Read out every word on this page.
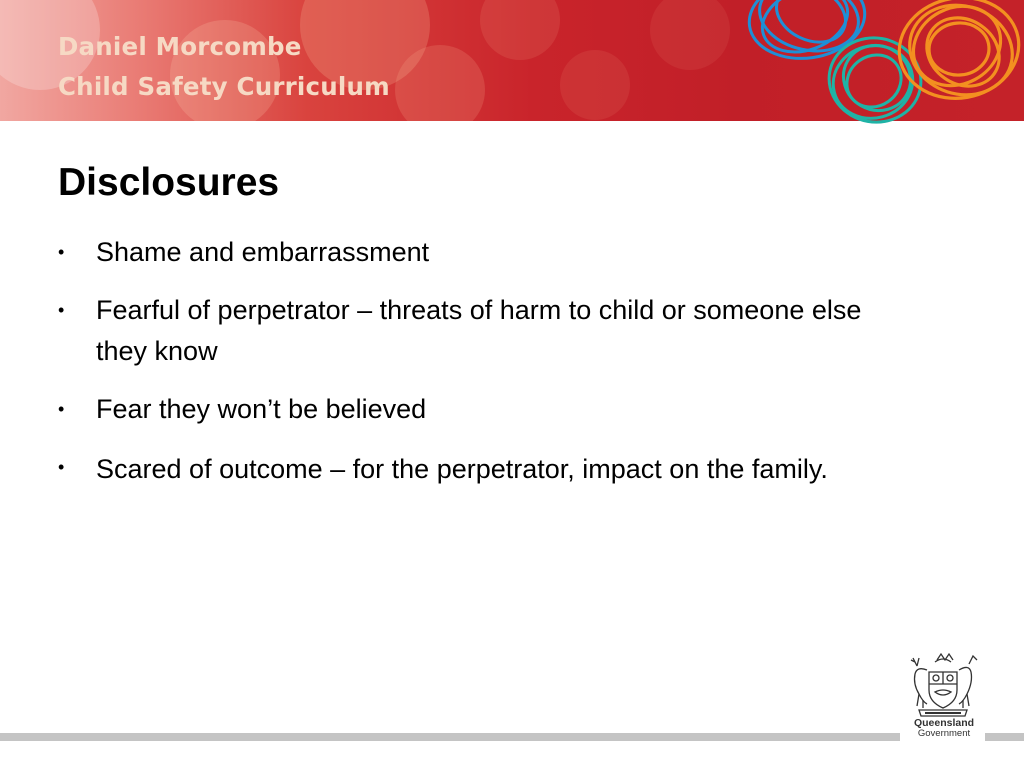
Daniel Morcombe
Child Safety Curriculum
Disclosures
• Shame and embarrassment
• Fearful of perpetrator – threats of harm to child or someone else they know
• Fear they won’t be believed
• Scared of outcome – for the perpetrator, impact on the family.
Queensland
Government
